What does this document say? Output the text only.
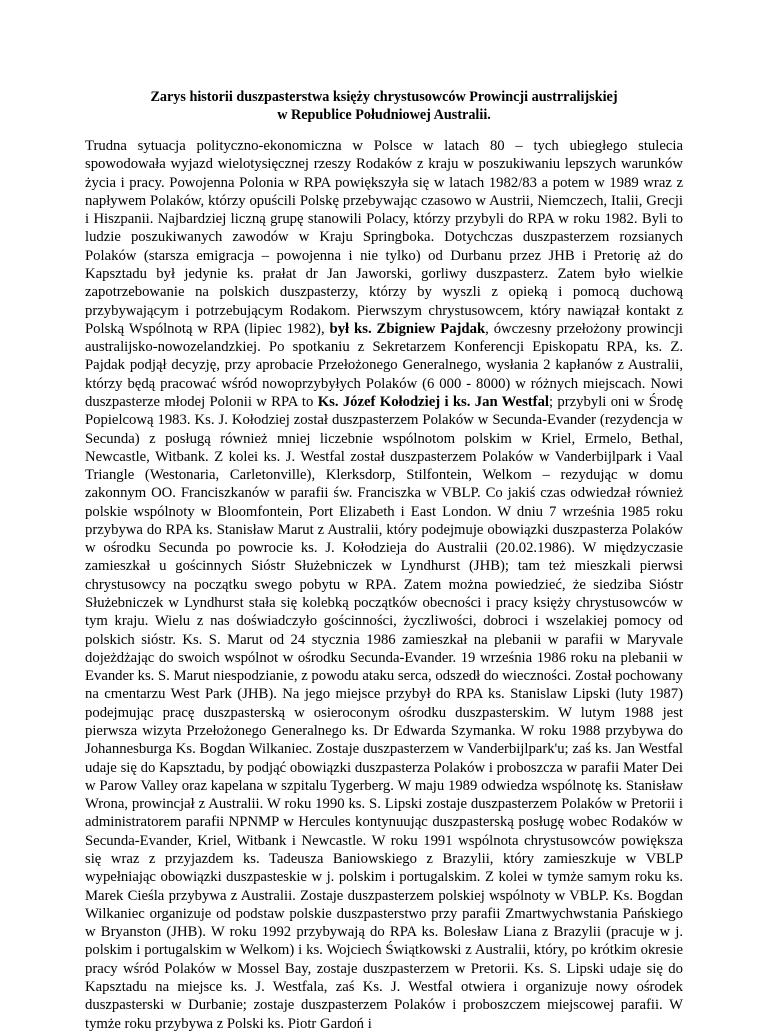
Zarys historii duszpasterstwa księży chrystusowców Prowincji austrralijskiej
w Republice Południowej Australii.

Trudna sytuacja polityczno-ekonomiczna w Polsce w latach 80 – tych ubiegłego stulecia spowodowała wyjazd wielotysięcznej rzeszy Rodaków z kraju w poszukiwaniu lepszych warunków życia i pracy. Powojenna Polonia w RPA powiększyła się w latach 1982/83 a potem w 1989 wraz z napływem Polaków, którzy opuścili Polskę przebywając czasowo w Austrii, Niemczech, Italii, Grecji i Hiszpanii. Najbardziej liczną grupę stanowili Polacy, którzy przybyli do RPA w roku 1982. Byli to ludzie poszukiwanych zawodów w Kraju Springboka. Dotychczas duszpasterzem rozsianych Polaków (starsza emigracja – powojenna i nie tylko) od Durbanu przez JHB i Pretorię aż do Kapsztadu był jedynie ks. prałat dr Jan Jaworski, gorliwy duszpasterz. Zatem było wielkie zapotrzebowanie na polskich duszpasterzy, którzy by wyszli z opieką i pomocą duchową przybywającym i potrzebującym Rodakom. Pierwszym chrystusowcem, który nawiązał kontakt z Polską Wspólnotą w RPA (lipiec 1982), był ks. Zbigniew Pajdak, ówczesny przełożony prowincji australijsko-nowozelandzkiej. Po spotkaniu z Sekretarzem Konferencji Episkopatu RPA, ks. Z. Pajdak podjął decyzję, przy aprobacie Przełożonego Generalnego, wysłania 2 kapłanów z Australii, którzy będą pracować wśród nowoprzybyłych Polaków (6 000 - 8000) w różnych miejscach. Nowi duszpasterze młodej Polonii w RPA to Ks. Józef Kołodziej i ks. Jan Westfal; przybyli oni w Środę Popielcową 1983. Ks. J. Kołodziej został duszpasterzem Polaków w Secunda-Evander (rezydencja w Secunda) z posługą również mniej liczebnie wspólnotom polskim w Kriel, Ermelo, Bethal, Newcastle, Witbank. Z kolei ks. J. Westfal został duszpasterzem Polaków w Vanderbijlpark i Vaal Triangle (Westonaria, Carletonville), Klerksdorp, Stilfontein, Welkom – rezydując w domu zakonnym OO. Franciszkanów w parafii św. Franciszka w VBLP. Co jakiś czas odwiedzał również polskie wspólnoty w Bloomfontein, Port Elizabeth i East London. W dniu 7 września 1985 roku przybywa do RPA ks. Stanisław Marut z Australii, który podejmuje obowiązki duszpasterza Polaków w ośrodku Secunda po powrocie ks. J. Kołodzieja do Australii (20.02.1986). W międzyczasie zamieszkał u gościnnych Sióstr Służebniczek w Lyndhurst (JHB); tam też mieszkali pierwsi chrystusowcy na początku swego pobytu w RPA. Zatem można powiedzieć, że siedziba Sióstr Służebniczek w Lyndhurst stała się kolebką początków obecności i pracy księży chrystusowców w tym kraju. Wielu z nas doświadczyło gościnności, życzliwości, dobroci i wszelakiej pomocy od polskich sióstr. Ks. S. Marut od 24 stycznia 1986 zamieszkał na plebanii w parafii w Maryvale dojeżdżając do swoich wspólnot w ośrodku Secunda-Evander. 19 września 1986 roku na plebanii w Evander ks. S. Marut niespodzianie, z powodu ataku serca, odszedł do wieczności. Został pochowany na cmentarzu West Park (JHB). Na jego miejsce przybył do RPA ks. Stanislaw Lipski (luty 1987) podejmując pracę duszpasterską w osieroconym ośrodku duszpasterskim. W lutym 1988 jest pierwsza wizyta Przełożonego Generalnego ks. Dr Edwarda Szymanka. W roku 1988 przybywa do Johannesburga Ks. Bogdan Wilkaniec. Zostaje duszpasterzem w Vanderbijlpark'u; zaś ks. Jan Westfal udaje się do Kapsztadu, by podjąć obowiązki duszpasterza Polaków i proboszcza w parafii Mater Dei w Parow Valley oraz kapelana w szpitalu Tygerberg. W maju 1989 odwiedza wspólnotę ks. Stanisław Wrona, prowincjał z Australii. W roku 1990 ks. S. Lipski zostaje duszpasterzem Polaków w Pretorii i administratorem parafii NPNMP w Hercules kontynuując duszpasterską posługę wobec Rodaków w Secunda-Evander, Kriel, Witbank i Newcastle. W roku 1991 wspólnota chrystusowców powiększa się wraz z przyjazdem ks. Tadeusza Baniowskiego z Brazylii, który zamieszkuje w VBLP wypełniając obowiązki duszpasteskie w j. polskim i portugalskim. Z kolei w tymże samym roku ks. Marek Cieśla przybywa z Australii. Zostaje duszpasterzem polskiej wspólnoty w VBLP. Ks. Bogdan Wilkaniec organizuje od podstaw polskie duszpasterstwo przy parafii Zmartwychwstania Pańskiego w Bryanston (JHB). W roku 1992 przybywają do RPA ks. Bolesław Liana z Brazylii (pracuje w j. polskim i portugalskim w Welkom) i ks. Wojciech Świątkowski z Australii, który, po krótkim okresie pracy wśród Polaków w Mossel Bay, zostaje duszpasterzem w Pretorii. Ks. S. Lipski udaje się do Kapsztadu na miejsce ks. J. Westfala, zaś Ks. J. Westfal otwiera i organizuje nowy ośrodek duszpasterski w Durbanie; zostaje duszpasterzem Polaków i proboszczem miejscowej parafii. W tymże roku przybywa z Polski ks. Piotr Gardoń i
